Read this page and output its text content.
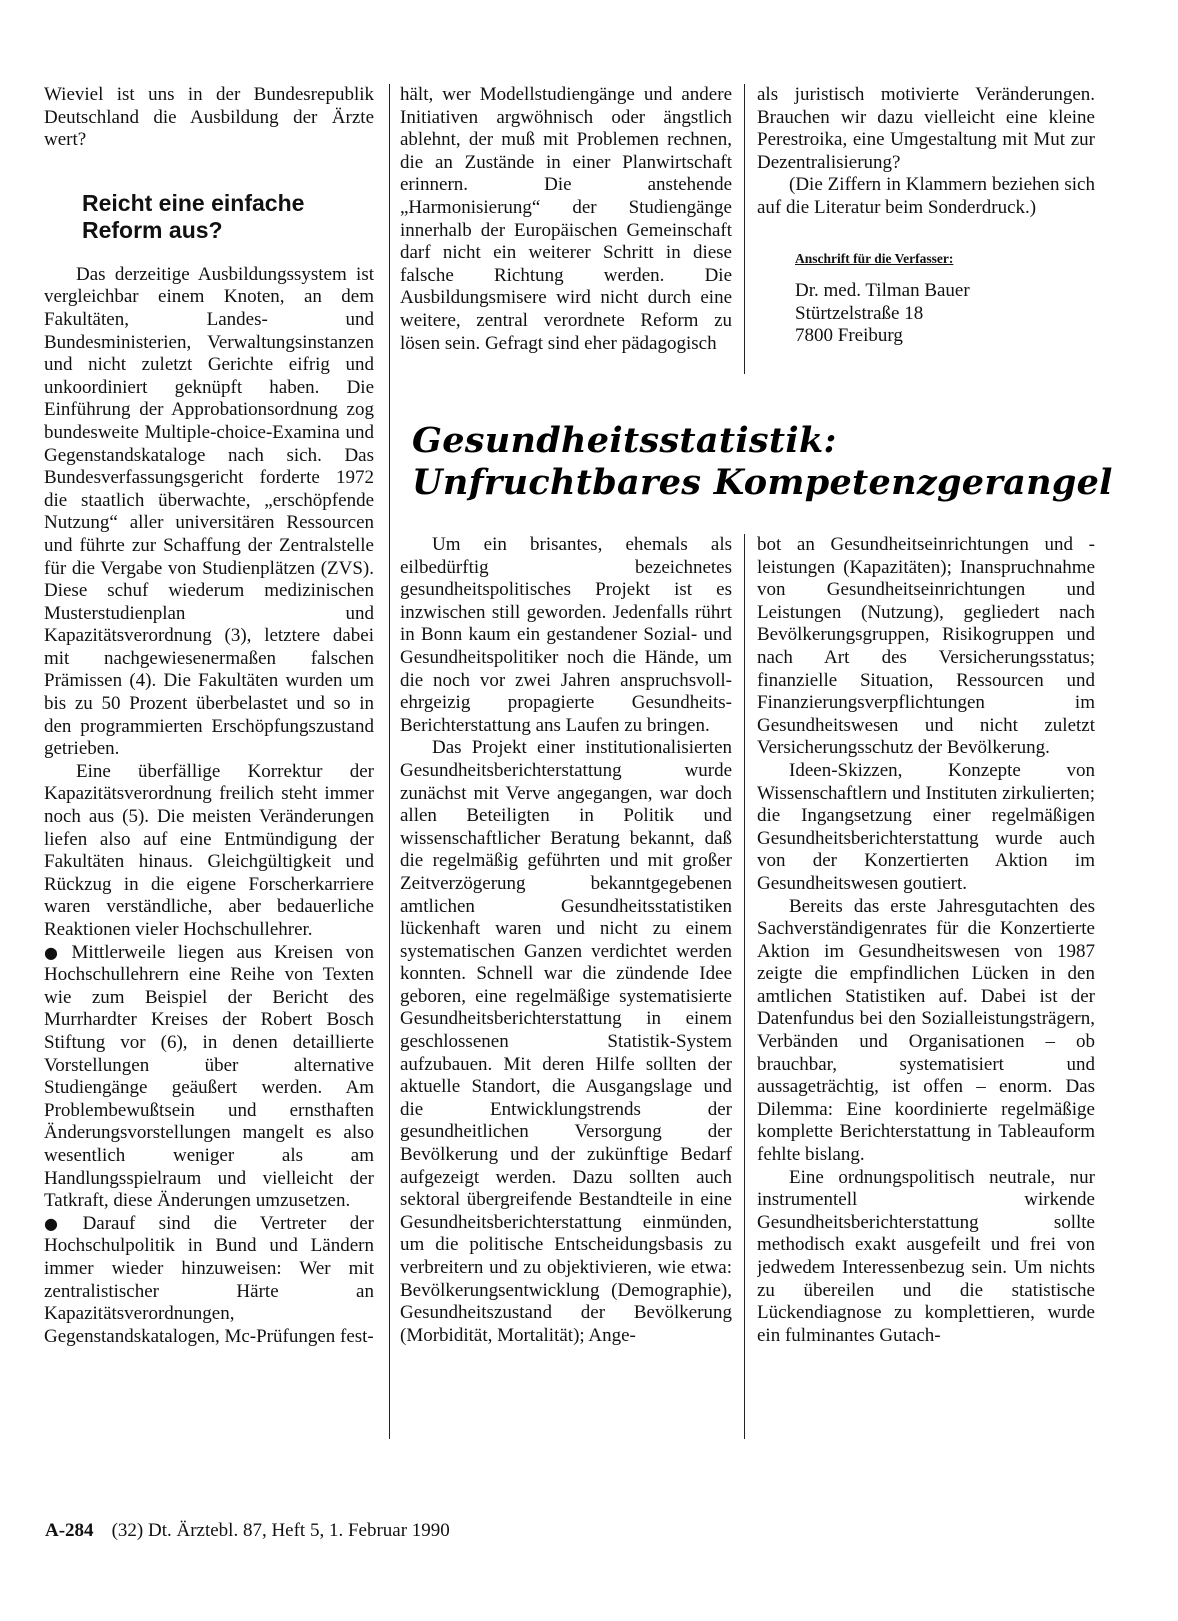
Wieviel ist uns in der Bundesrepublik Deutschland die Ausbildung der Ärzte wert?

Reicht eine einfache Reform aus?

Das derzeitige Ausbildungssystem ist vergleichbar einem Knoten, an dem Fakultäten, Landes- und Bundesministerien, Verwaltungsinstanzen und nicht zuletzt Gerichte eifrig und unkoordiniert geknüpft haben. Die Einführung der Approbationsordnung zog bundesweite Multiple-choice-Examina und Gegenstandskataloge nach sich. Das Bundesverfassungsgericht forderte 1972 die staatlich überwachte, „erschöpfende Nutzung“ aller universitären Ressourcen und führte zur Schaffung der Zentralstelle für die Vergabe von Studienplätzen (ZVS). Diese schuf wiederum medizinischen Musterstudienplan und Kapazitätsverordnung (3), letztere dabei mit nachgewiesenermaßen falschen Prämissen (4). Die Fakultäten wurden um bis zu 50 Prozent überbelastet und so in den programmierten Erschöpfungszustand getrieben.

Eine überfällige Korrektur der Kapazitätsverordnung freilich steht immer noch aus (5). Die meisten Veränderungen liefen also auf eine Entmündigung der Fakultäten hinaus. Gleichgültigkeit und Rückzug in die eigene Forscherkarriere waren verständliche, aber bedauerliche Reaktionen vieler Hochschullehrer.

● Mittlerweile liegen aus Kreisen von Hochschullehrern eine Reihe von Texten wie zum Beispiel der Bericht des Murrhardter Kreises der Robert Bosch Stiftung vor (6), in denen detaillierte Vorstellungen über alternative Studiengänge geäußert werden. Am Problembewußtsein und ernsthaften Änderungsvorstellungen mangelt es also wesentlich weniger als am Handlungsspielraum und vielleicht der Tatkraft, diese Änderungen umzusetzen.

● Darauf sind die Vertreter der Hochschulpolitik in Bund und Ländern immer wieder hinzuweisen: Wer mit zentralistischer Härte an Kapazitätsverordnungen, Gegenstandskatalogen, Mc-Prüfungen fest-

hält, wer Modellstudiengänge und andere Initiativen argwöhnisch oder ängstlich ablehnt, der muß mit Problemen rechnen, die an Zustände in einer Planwirtschaft erinnern. Die anstehende „Harmonisierung“ der Studiengänge innerhalb der Europäischen Gemeinschaft darf nicht ein weiterer Schritt in diese falsche Richtung werden. Die Ausbildungsmisere wird nicht durch eine weitere, zentral verordnete Reform zu lösen sein. Gefragt sind eher pädagogisch

als juristisch motivierte Veränderungen. Brauchen wir dazu vielleicht eine kleine Perestroika, eine Umgestaltung mit Mut zur Dezentralisierung?

(Die Ziffern in Klammern beziehen sich auf die Literatur beim Sonderdruck.)

Anschrift für die Verfasser:
Dr. med. Tilman Bauer
Stürtzelstraße 18
7800 Freiburg
Gesundheitsstatistik:
Unfruchtbares Kompetenzgerangel

Um ein brisantes, ehemals als eilbedürftig bezeichnetes gesundheitspolitisches Projekt ist es inzwischen still geworden. Jedenfalls rührt in Bonn kaum ein gestandener Sozial- und Gesundheitspolitiker noch die Hände, um die noch vor zwei Jahren anspruchsvoll-ehrgeizig propagierte Gesundheits-Berichterstattung ans Laufen zu bringen.

Das Projekt einer institutionalisierten Gesundheitsberichterstattung wurde zunächst mit Verve angegangen, war doch allen Beteiligten in Politik und wissenschaftlicher Beratung bekannt, daß die regelmäßig geführten und mit großer Zeitverzögerung bekanntgegebenen amtlichen Gesundheitsstatistiken lückenhaft waren und nicht zu einem systematischen Ganzen verdichtet werden konnten. Schnell war die zündende Idee geboren, eine regelmäßige systematisierte Gesundheitsberichterstattung in einem geschlossenen Statistik-System aufzubauen. Mit deren Hilfe sollten der aktuelle Standort, die Ausgangslage und die Entwicklungstrends der gesundheitlichen Versorgung der Bevölkerung und der zukünftige Bedarf aufgezeigt werden. Dazu sollten auch sektoral übergreifende Bestandteile in eine Gesundheitsberichterstattung einmünden, um die politische Entscheidungsbasis zu verbreitern und zu objektivieren, wie etwa: Bevölkerungsentwicklung (Demographie), Gesundheitszustand der Bevölkerung (Morbidität, Mortalität); Ange-

bot an Gesundheitseinrichtungen und -leistungen (Kapazitäten); Inanspruchnahme von Gesundheitseinrichtungen und Leistungen (Nutzung), gegliedert nach Bevölkerungsgruppen, Risikogruppen und nach Art des Versicherungsstatus; finanzielle Situation, Ressourcen und Finanzierungsverpflichtungen im Gesundheitswesen und nicht zuletzt Versicherungsschutz der Bevölkerung.

Ideen-Skizzen, Konzepte von Wissenschaftlern und Instituten zirkulierten; die Ingangsetzung einer regelmäßigen Gesundheitsberichterstattung wurde auch von der Konzertierten Aktion im Gesundheitswesen goutiert.

Bereits das erste Jahresgutachten des Sachverständigenrates für die Konzertierte Aktion im Gesundheitswesen von 1987 zeigte die empfindlichen Lücken in den amtlichen Statistiken auf. Dabei ist der Datenfundus bei den Sozialleistungsträgern, Verbänden und Organisationen – ob brauchbar, systematisiert und aussageträchtig, ist offen – enorm. Das Dilemma: Eine koordinierte regelmäßige komplette Berichterstattung in Tableauform fehlte bislang.

Eine ordnungspolitisch neutrale, nur instrumentell wirkende Gesundheitsberichterstattung sollte methodisch exakt ausgefeilt und frei von jedwedem Interessenbezug sein. Um nichts zu übereilen und die statistische Lückendiagnose zu komplettieren, wurde ein fulminantes Gutach-

A-284 (32) Dt. Ärztebl. 87, Heft 5, 1. Februar 1990
